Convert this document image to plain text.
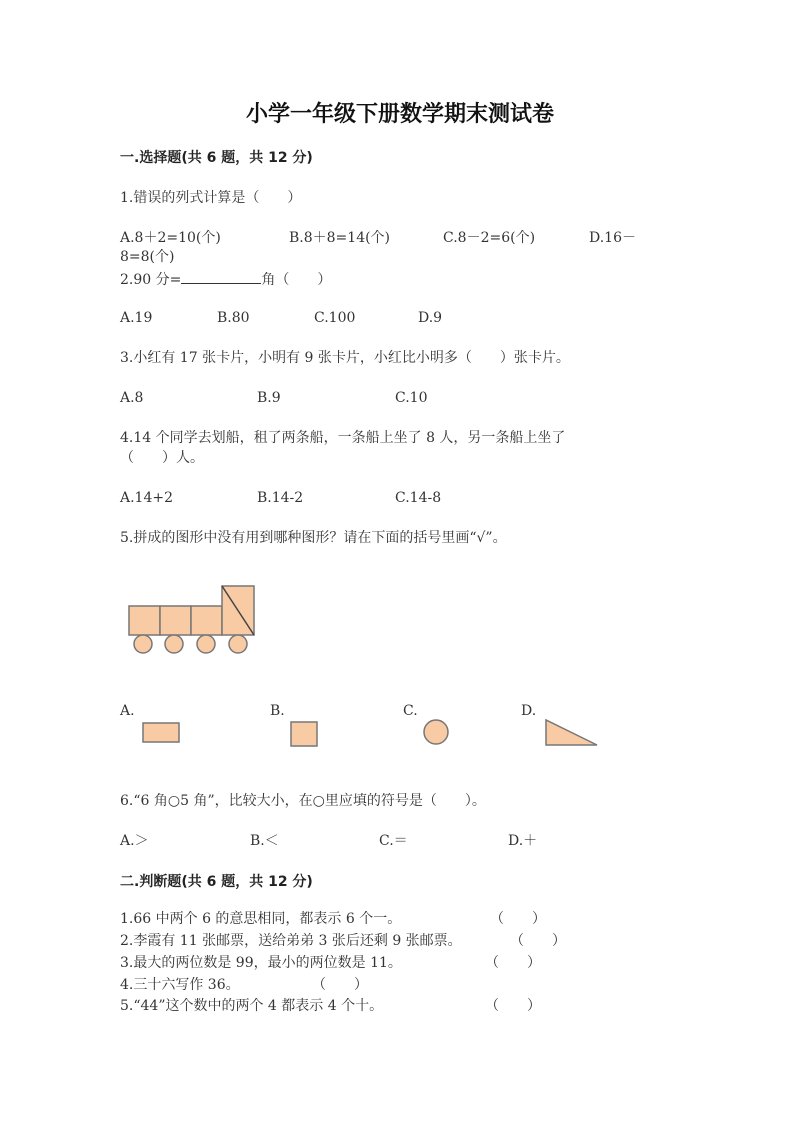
小学一年级下册数学期末测试卷
一.选择题(共 6 题，共 12 分)
1.错误的列式计算是（　　）
A.8＋2=10(个)	B.8＋8=14(个)	C.8－2=6(个)	D.16－
8=8(个)
2.90 分=	角（　　）
A.19	B.80	C.100	D.9
3.小红有 17 张卡片，小明有 9 张卡片，小红比小明多（　　）张卡片。
A.8	B.9	C.10
4.14 个同学去划船，租了两条船，一条船上坐了 8 人，另一条船上坐了
（　　）人。
A.14+2	B.14-2	C.14-8
5.拼成的图形中没有用到哪种图形？请在下面的括号里画“√”。
A.	B.	C.	D.
6.“6 角○5 角”，比较大小，在○里应填的符号是（　　）。
A.＞	B.＜	C.＝	D.＋
二.判断题(共 6 题，共 12 分)
1.66 中两个 6 的意思相同，都表示 6 个一。	（　　）
2.李霞有 11 张邮票，送给弟弟 3 张后还剩 9 张邮票。	（　　）
3.最大的两位数是 99，最小的两位数是 11。	（　　）
4.三十六写作 36。	（　　）
5.“44”这个数中的两个 4 都表示 4 个十。	（　　）
